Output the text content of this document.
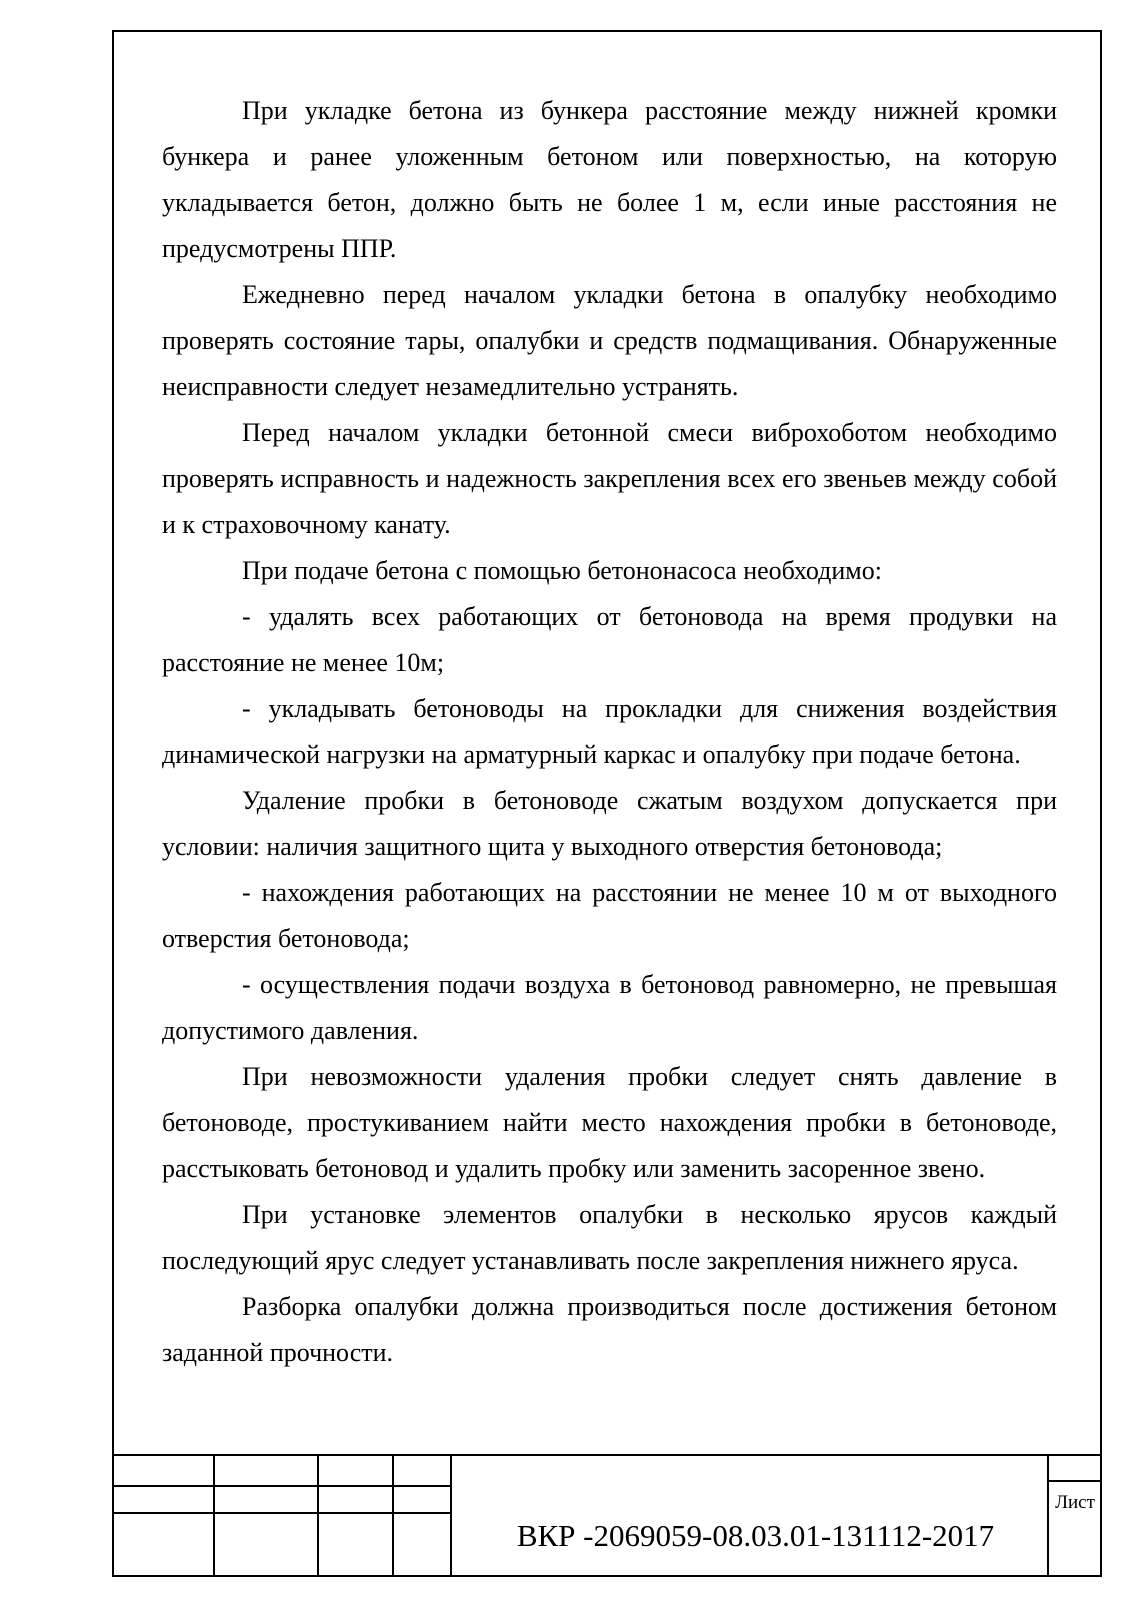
При укладке бетона из бункера расстояние между нижней кромки бункера и ранее уложенным бетоном или поверхностью, на которую укладывается бетон, должно быть не более 1 м, если иные расстояния не предусмотрены ППР.

Ежедневно перед началом укладки бетона в опалубку необходимо проверять состояние тары, опалубки и средств подмащивания. Обнаруженные неисправности следует незамедлительно устранять.

Перед началом укладки бетонной смеси виброхоботом необходимо проверять исправность и надежность закрепления всех его звеньев между собой и к страховочному канату.

При подаче бетона с помощью бетононасоса необходимо:

- удалять всех работающих от бетоновода на время продувки на расстояние не менее 10м;

- укладывать бетоноводы на прокладки для снижения воздействия динамической нагрузки на арматурный каркас и опалубку при подаче бетона.

Удаление пробки в бетоноводе сжатым воздухом допускается при условии: наличия защитного щита у выходного отверстия бетоновода;

- нахождения работающих на расстоянии не менее 10 м от выходного отверстия бетоновода;

- осуществления подачи воздуха в бетоновод равномерно, не превышая допустимого давления.

При невозможности удаления пробки следует снять давление в бетоноводе, простукиванием найти место нахождения пробки в бетоноводе, расстыковать бетоновод и удалить пробку или заменить засоренное звено.

При установке элементов опалубки в несколько ярусов каждый последующий ярус следует устанавливать после закрепления нижнего яруса.

Разборка опалубки должна производиться после достижения бетоном заданной прочности.

ВКР -2069059-08.03.01-131112-2017
Лист
